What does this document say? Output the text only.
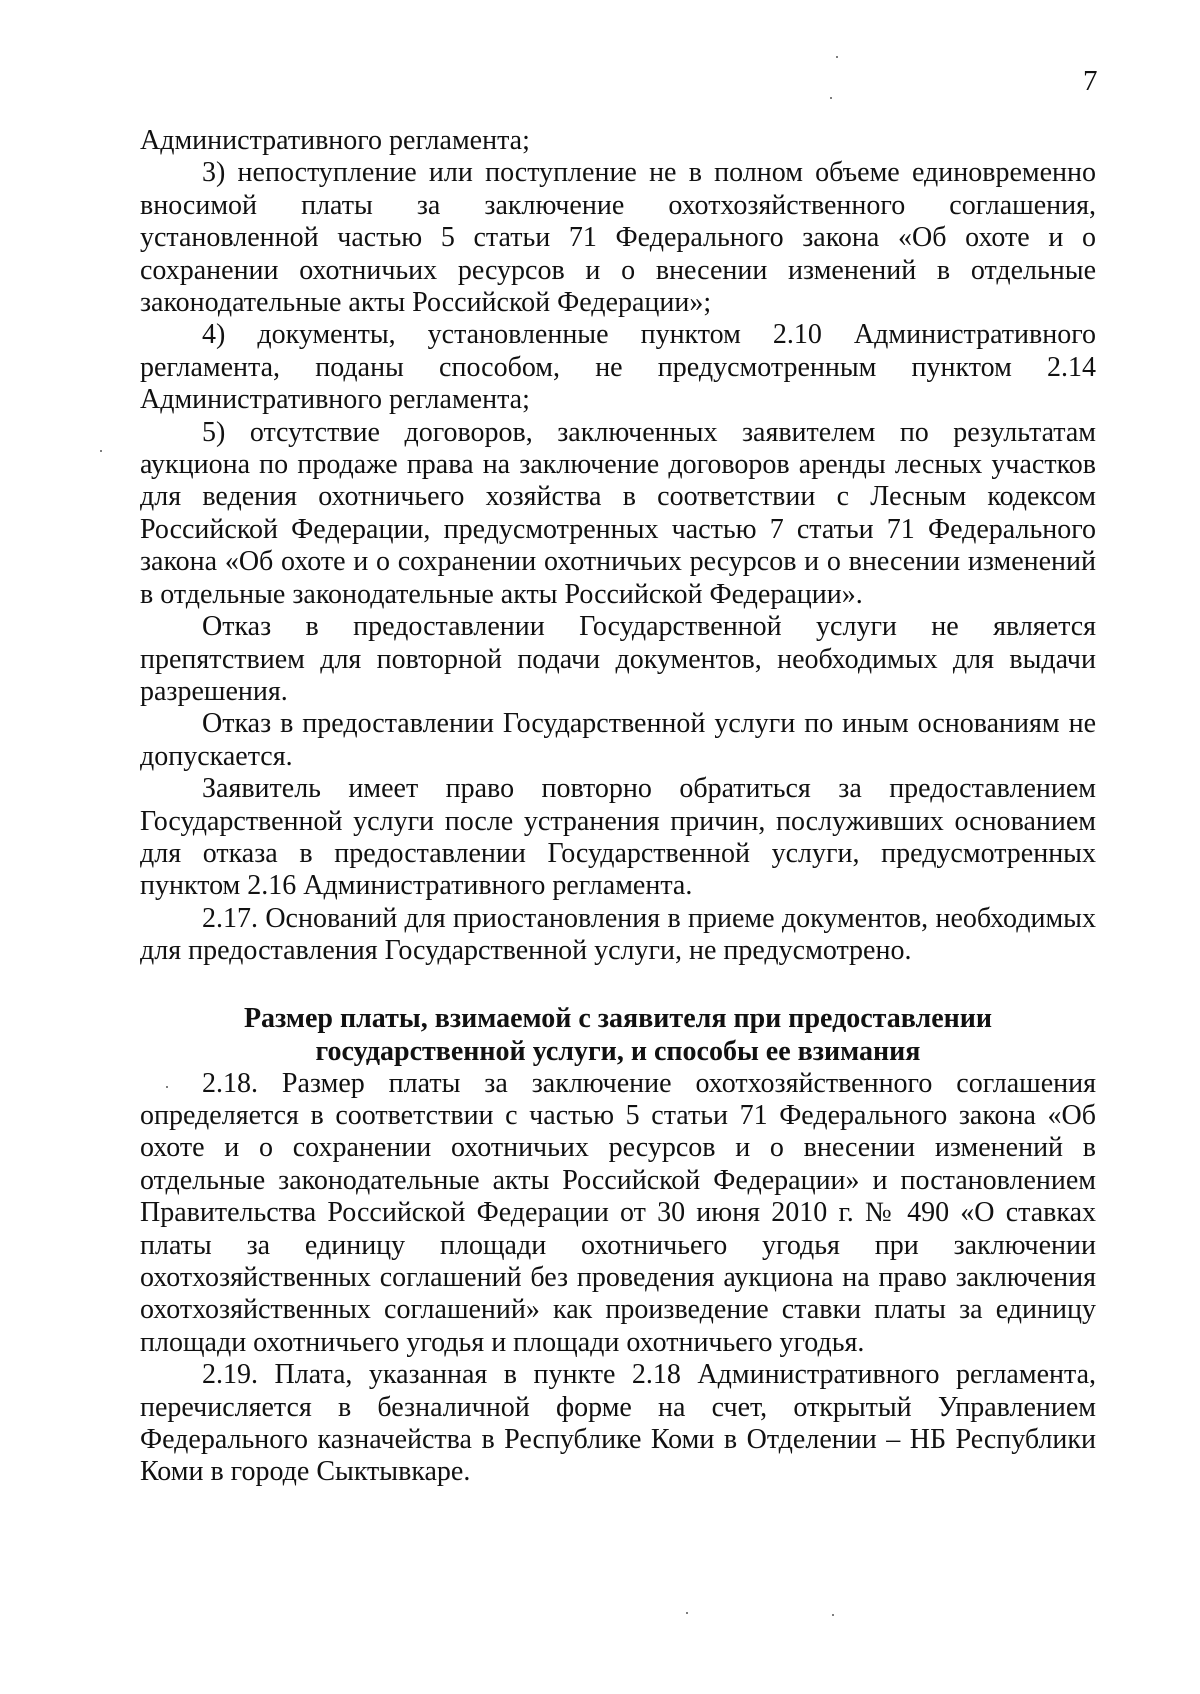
7

Административного регламента;

3) непоступление или поступление не в полном объеме единовременно вносимой платы за заключение охотхозяйственного соглашения, установленной частью 5 статьи 71 Федерального закона «Об охоте и о сохранении охотничьих ресурсов и о внесении изменений в отдельные законодательные акты Российской Федерации»;

4) документы, установленные пунктом 2.10 Административного регламента, поданы способом, не предусмотренным пунктом 2.14 Административного регламента;

5) отсутствие договоров, заключенных заявителем по результатам аукциона по продаже права на заключение договоров аренды лесных участков для ведения охотничьего хозяйства в соответствии с Лесным кодексом Российской Федерации, предусмотренных частью 7 статьи 71 Федерального закона «Об охоте и о сохранении охотничьих ресурсов и о внесении изменений в отдельные законодательные акты Российской Федерации».

Отказ в предоставлении Государственной услуги не является препятствием для повторной подачи документов, необходимых для выдачи разрешения.

Отказ в предоставлении Государственной услуги по иным основаниям не допускается.

Заявитель имеет право повторно обратиться за предоставлением Государственной услуги после устранения причин, послуживших основанием для отказа в предоставлении Государственной услуги, предусмотренных пунктом 2.16 Административного регламента.

2.17. Оснований для приостановления в приеме документов, необходимых для предоставления Государственной услуги, не предусмотрено.

Размер платы, взимаемой с заявителя при предоставлении
государственной услуги, и способы ее взимания

2.18. Размер платы за заключение охотхозяйственного соглашения определяется в соответствии с частью 5 статьи 71 Федерального закона «Об охоте и о сохранении охотничьих ресурсов и о внесении изменений в отдельные законодательные акты Российской Федерации» и постановлением Правительства Российской Федерации от 30 июня 2010 г. № 490 «О ставках платы за единицу площади охотничьего угодья при заключении охотхозяйственных соглашений без проведения аукциона на право заключения охотхозяйственных соглашений» как произведение ставки платы за единицу площади охотничьего угодья и площади охотничьего угодья.

2.19. Плата, указанная в пункте 2.18 Административного регламента, перечисляется в безналичной форме на счет, открытый Управлением Федерального казначейства в Республике Коми в Отделении – НБ Республики Коми в городе Сыктывкаре.
